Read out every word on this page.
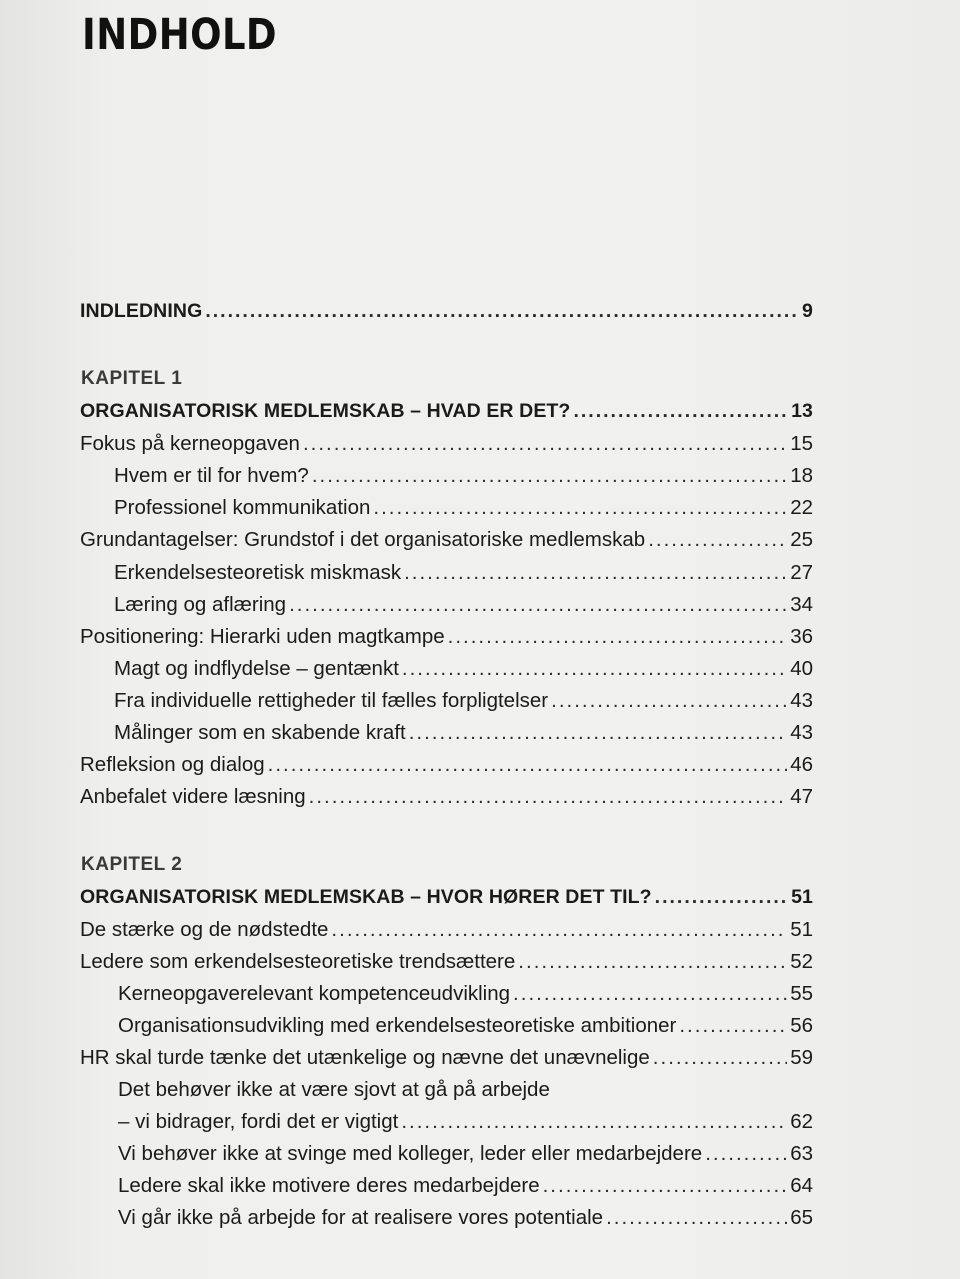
INDHOLD
INDLEDNING .....	9
KAPITEL 1
ORGANISATORISK MEDLEMSKAB – HVAD ER DET? .....	13
Fokus på kerneopgaven .....	15
Hvem er til for hvem? .....	18
Professionel kommunikation .....	22
Grundantagelser: Grundstof i det organisatoriske medlemskab .....	25
Erkendelsesteoretisk miskmask .....	27
Læring og aflæring .....	34
Positionering: Hierarki uden magtkampe .....	36
Magt og indflydelse – gentænkt .....	40
Fra individuelle rettigheder til fælles forpligtelser .....	43
Målinger som en skabende kraft .....	43
Refleksion og dialog .....	46
Anbefalet videre læsning .....	47
KAPITEL 2
ORGANISATORISK MEDLEMSKAB – HVOR HØRER DET TIL? .....	51
De stærke og de nødstedte .....	51
Ledere som erkendelsesteoretiske trendsættere .....	52
Kerneopgaverelevant kompetenceudvikling .....	55
Organisationsudvikling med erkendelsesteoretiske ambitioner .....	56
HR skal turde tænke det utænkelige og nævne det unævnelige .....	59
Det behøver ikke at være sjovt at gå på arbejde
– vi bidrager, fordi det er vigtigt .....	62
Vi behøver ikke at svinge med kolleger, leder eller medarbejdere .....	63
Ledere skal ikke motivere deres medarbejdere .....	64
Vi går ikke på arbejde for at realisere vores potentiale .....	65
